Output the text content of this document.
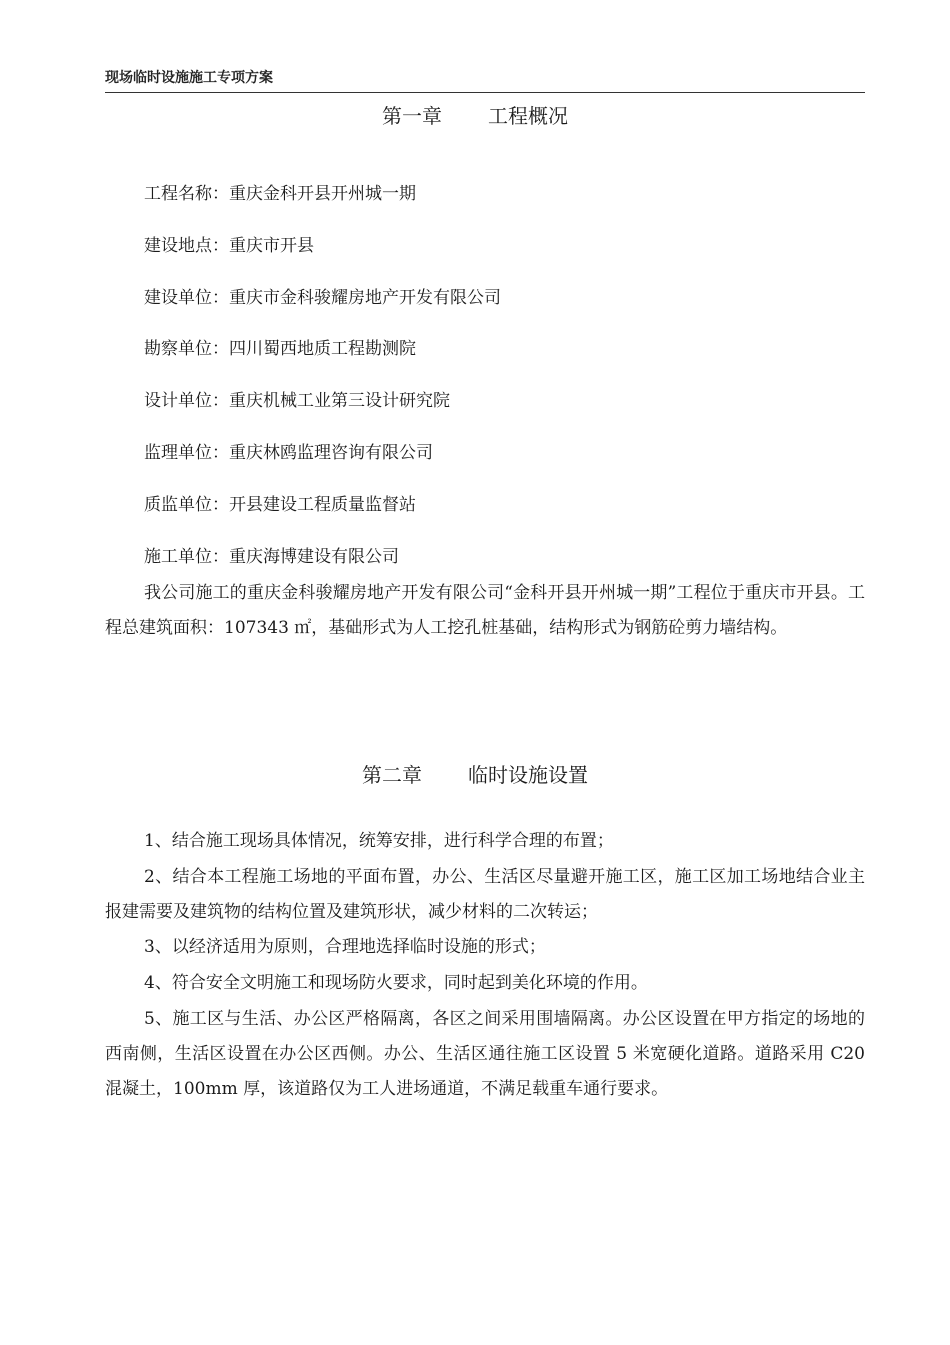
现场临时设施施工专项方案
第一章 工程概况
工程名称：重庆金科开县开州城一期
建设地点：重庆市开县
建设单位：重庆市金科骏耀房地产开发有限公司
勘察单位：四川蜀西地质工程勘测院
设计单位：重庆机械工业第三设计研究院
监理单位：重庆林鸥监理咨询有限公司
质监单位：开县建设工程质量监督站
施工单位：重庆海博建设有限公司

我公司施工的重庆金科骏耀房地产开发有限公司“金科开县开州城一期”工程位于重庆市开县。工程总建筑面积：107343 ㎡，基础形式为人工挖孔桩基础，结构形式为钢筋砼剪力墙结构。

第二章 临时设施设置

1、结合施工现场具体情况，统筹安排，进行科学合理的布置；

2、结合本工程施工场地的平面布置，办公、生活区尽量避开施工区，施工区加工场地结合业主报建需要及建筑物的结构位置及建筑形状，减少材料的二次转运；

3、以经济适用为原则，合理地选择临时设施的形式；

4、符合安全文明施工和现场防火要求，同时起到美化环境的作用。

5、施工区与生活、办公区严格隔离，各区之间采用围墙隔离。办公区设置在甲方指定的场地的西南侧，生活区设置在办公区西侧。办公、生活区通往施工区设置 5 米宽硬化道路。道路采用 C20 混凝土，100mm 厚，该道路仅为工人进场通道，不满足载重车通行要求。
